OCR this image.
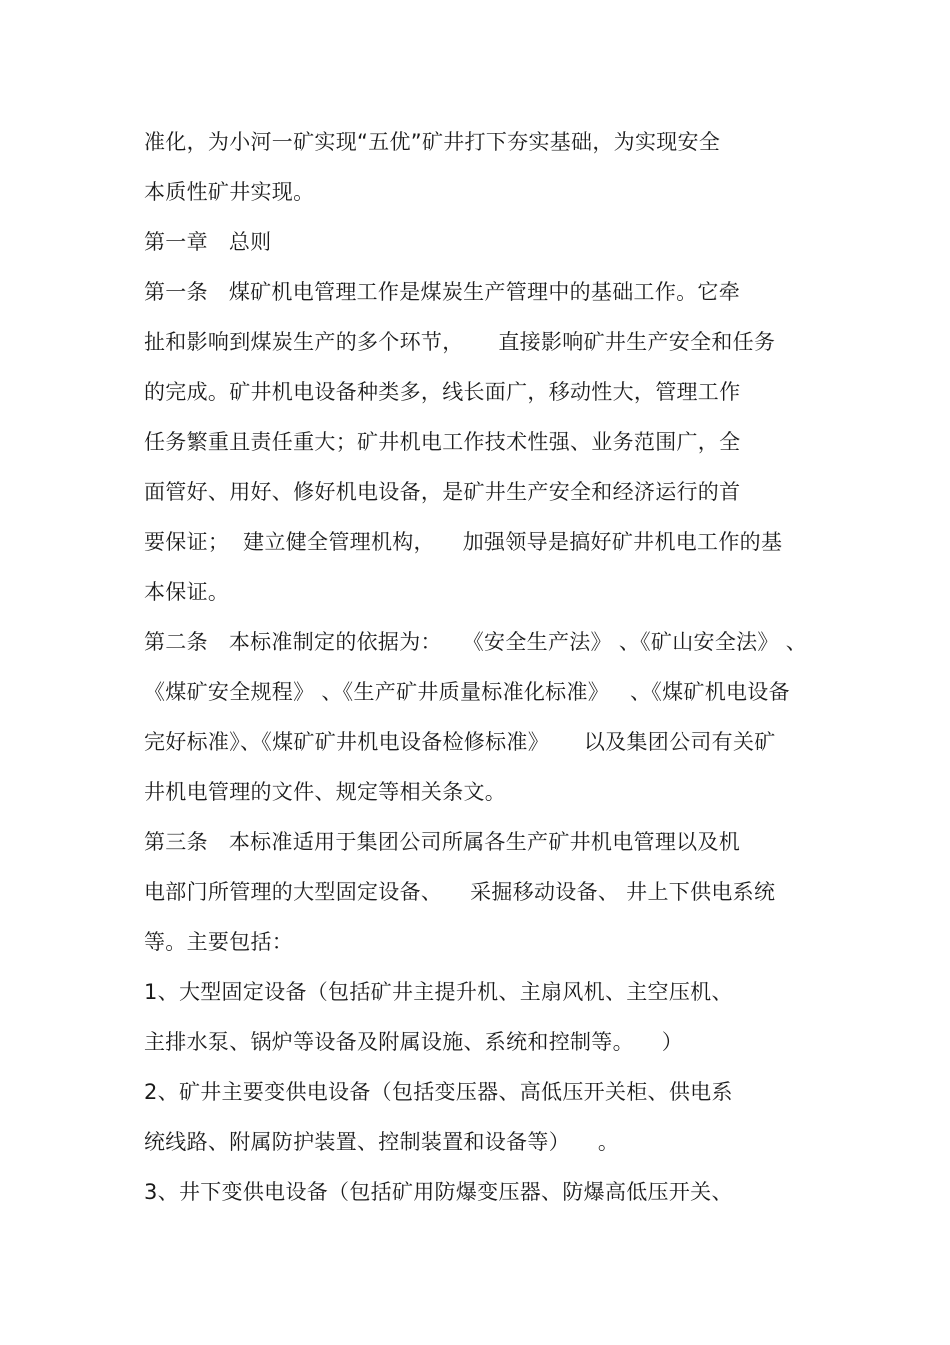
准化，为小河一矿实现“五优”矿井打下夯实基础，为实现安全
本质性矿井实现。
第一章   总则
第一条   煤矿机电管理工作是煤炭生产管理中的基础工作。它牵
扯和影响到煤炭生产的多个环节，     直接影响矿井生产安全和任务
的完成。矿井机电设备种类多，线长面广，移动性大，管理工作
任务繁重且责任重大；矿井机电工作技术性强、业务范围广，全
面管好、用好、修好机电设备，是矿井生产安全和经济运行的首
要保证；  建立健全管理机构，    加强领导是搞好矿井机电工作的基
本保证。
第二条   本标准制定的依据为：   《安全生产法》 、《矿山安全法》 、
《煤矿安全规程》 、《生产矿井质量标准化标准》   、《煤矿机电设备
完好标准》、《煤矿矿井机电设备检修标准》     以及集团公司有关矿
井机电管理的文件、规定等相关条文。
第三条   本标准适用于集团公司所属各生产矿井机电管理以及机
电部门所管理的大型固定设备、    采掘移动设备、 井上下供电系统
等。主要包括：
1、大型固定设备（包括矿井主提升机、主扇风机、主空压机、
主排水泵、锅炉等设备及附属设施、系统和控制等。    ）
2、矿井主要变供电设备（包括变压器、高低压开关柜、供电系
统线路、附属防护装置、控制装置和设备等）    。
3、井下变供电设备（包括矿用防爆变压器、防爆高低压开关、
